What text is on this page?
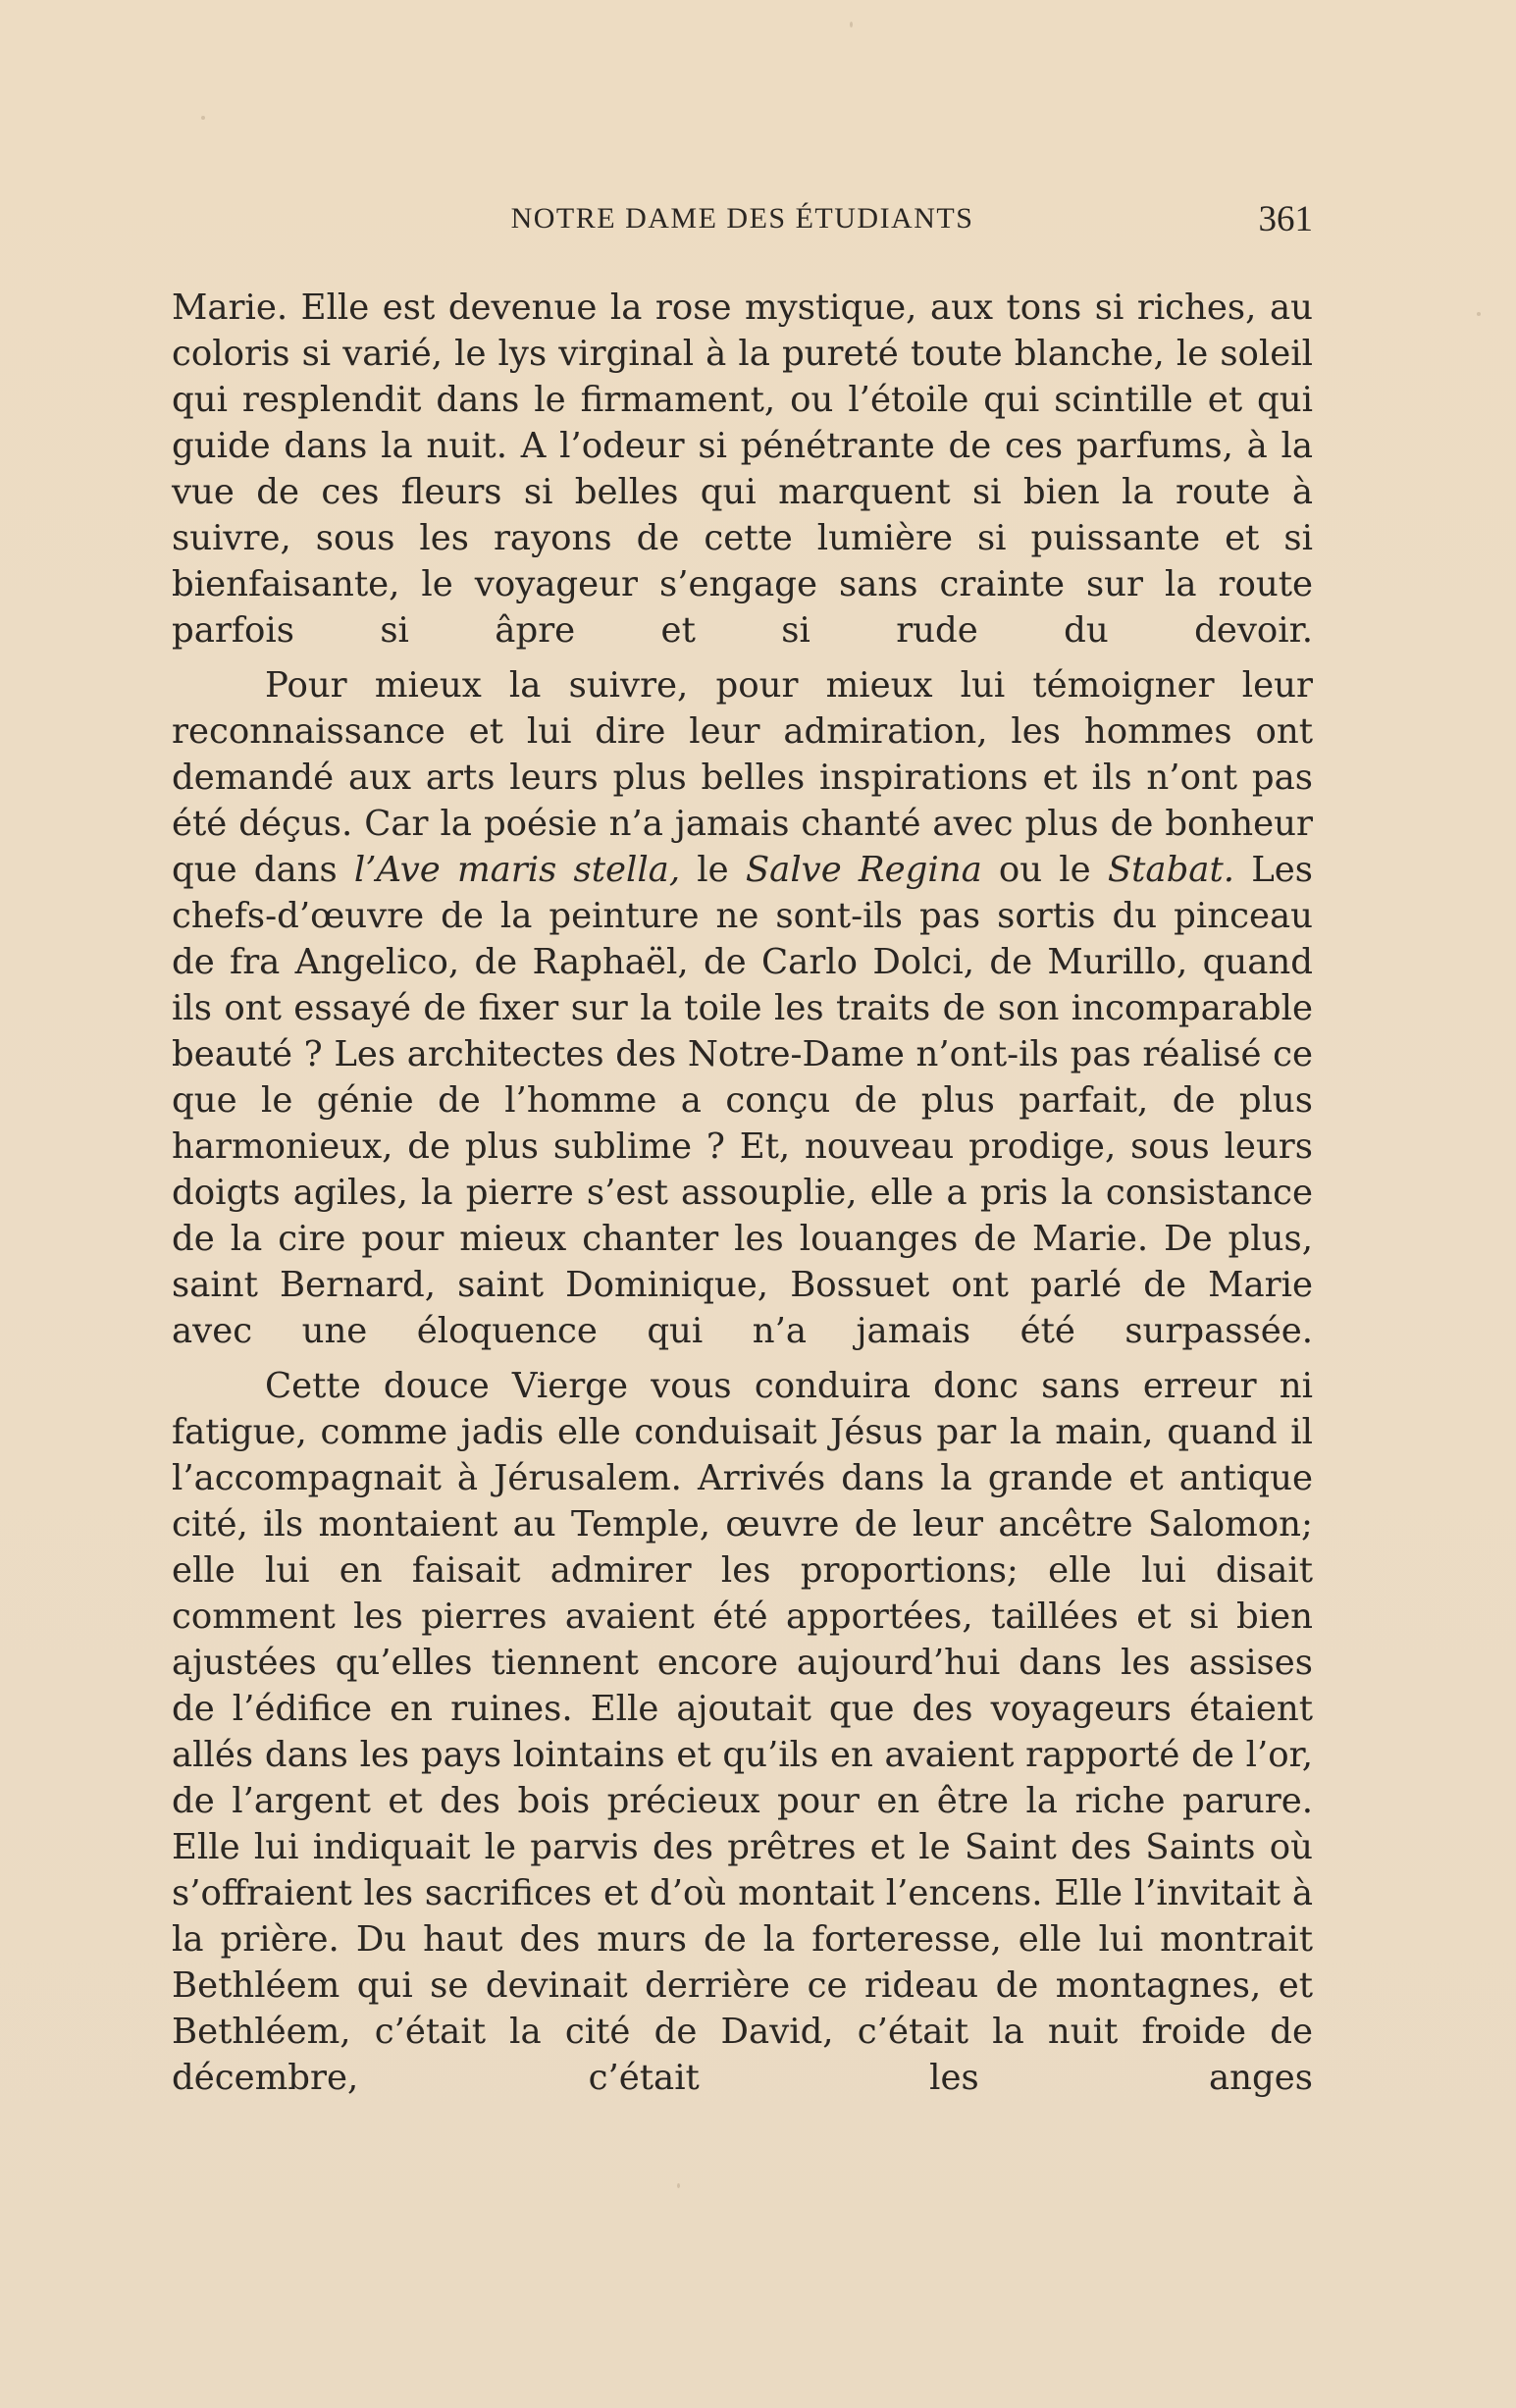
NOTRE DAME DES ÉTUDIANTS	361

Marie. Elle est devenue la rose mystique, aux tons si riches, au coloris si varié, le lys virginal à la pureté toute blanche, le soleil qui resplendit dans le firmament, ou l’étoile qui scintille et qui guide dans la nuit. A l’odeur si pénétrante de ces parfums, à la vue de ces fleurs si belles qui marquent si bien la route à suivre, sous les rayons de cette lumière si puissante et si bienfaisante, le voyageur s’engage sans crainte sur la route parfois si âpre et si rude du devoir.

Pour mieux la suivre, pour mieux lui témoigner leur reconnaissance et lui dire leur admiration, les hommes ont demandé aux arts leurs plus belles inspirations et ils n’ont pas été déçus. Car la poésie n’a jamais chanté avec plus de bonheur que dans l’Ave maris stella, le Salve Regina ou le Stabat. Les chefs-d’œuvre de la peinture ne sont-ils pas sortis du pinceau de fra Angelico, de Raphaël, de Carlo Dolci, de Murillo, quand ils ont essayé de fixer sur la toile les traits de son incomparable beauté ? Les architectes des Notre-Dame n’ont-ils pas réalisé ce que le génie de l’homme a conçu de plus parfait, de plus harmonieux, de plus sublime ? Et, nouveau prodige, sous leurs doigts agiles, la pierre s’est assouplie, elle a pris la consistance de la cire pour mieux chanter les louanges de Marie. De plus, saint Bernard, saint Dominique, Bossuet ont parlé de Marie avec une éloquence qui n’a jamais été surpassée.

Cette douce Vierge vous conduira donc sans erreur ni fatigue, comme jadis elle conduisait Jésus par la main, quand il l’accompagnait à Jérusalem. Arrivés dans la grande et antique cité, ils montaient au Temple, œuvre de leur ancêtre Salomon; elle lui en faisait admirer les proportions; elle lui disait comment les pierres avaient été apportées, taillées et si bien ajustées qu’elles tiennent encore aujourd’hui dans les assises de l’édifice en ruines. Elle ajoutait que des voyageurs étaient allés dans les pays lointains et qu’ils en avaient rapporté de l’or, de l’argent et des bois précieux pour en être la riche parure. Elle lui indiquait le parvis des prêtres et le Saint des Saints où s’offraient les sacrifices et d’où montait l’encens. Elle l’invitait à la prière. Du haut des murs de la forteresse, elle lui montrait Bethléem qui se devinait derrière ce rideau de montagnes, et Bethléem, c’était la cité de David, c’était la nuit froide de décembre, c’était les anges
